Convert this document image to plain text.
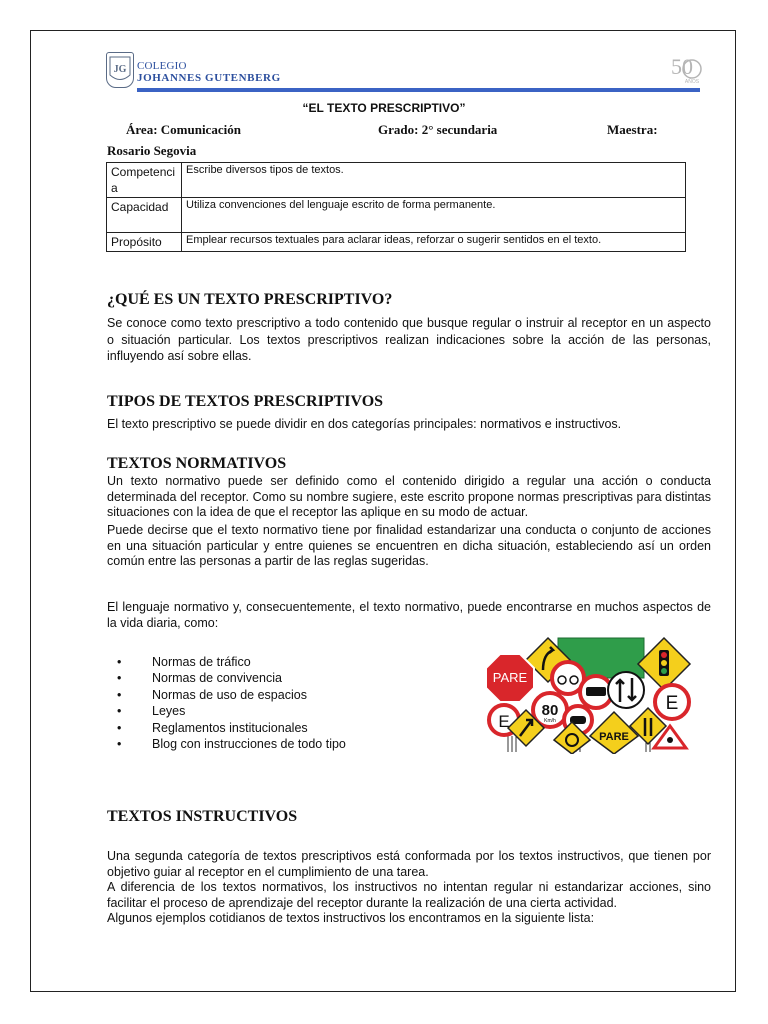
JG COLEGIO
JOHANNES GUTENBERG	50
AÑOS
“EL TEXTO PRESCRIPTIVO”
Área: Comunicación	Grado: 2° secundaria	Maestra:
Rosario Segovia
Competencia	Escribe diversos tipos de textos.
Capacidad	Utiliza convenciones del lenguaje escrito de forma permanente.
Propósito	Emplear recursos textuales para aclarar ideas, reforzar o sugerir sentidos en el texto.
¿QUÉ ES UN TEXTO PRESCRIPTIVO?
Se conoce como texto prescriptivo a todo contenido que busque regular o instruir al receptor en un aspecto o situación particular. Los textos prescriptivos realizan indicaciones sobre la acción de las personas, influyendo así sobre ellas.
TIPOS DE TEXTOS PRESCRIPTIVOS
El texto prescriptivo se puede dividir en dos categorías principales: normativos e instructivos.
TEXTOS NORMATIVOS
Un texto normativo puede ser definido como el contenido dirigido a regular una acción o conducta determinada del receptor. Como su nombre sugiere, este escrito propone normas prescriptivas para distintas situaciones con la idea de que el receptor las aplique en su modo de actuar.
Puede decirse que el texto normativo tiene por finalidad estandarizar una conducta o conjunto de acciones en una situación particular y entre quienes se encuentren en dicha situación, estableciendo así un orden común entre las personas a partir de las reglas sugeridas.
El lenguaje normativo y, consecuentemente, el texto normativo, puede encontrarse en muchos aspectos de la vida diaria, como:
• Normas de tráfico
• Normas de convivencia
• Normas de uso de espacios
• Leyes
• Reglamentos institucionales
• Blog con instrucciones de todo tipo
PARE
E
80
Km/h
E
PARE
TEXTOS INSTRUCTIVOS
Una segunda categoría de textos prescriptivos está conformada por los textos instructivos, que tienen por objetivo guiar al receptor en el cumplimiento de una tarea.
A diferencia de los textos normativos, los instructivos no intentan regular ni estandarizar acciones, sino facilitar el proceso de aprendizaje del receptor durante la realización de una cierta actividad.
Algunos ejemplos cotidianos de textos instructivos los encontramos en la siguiente lista:
